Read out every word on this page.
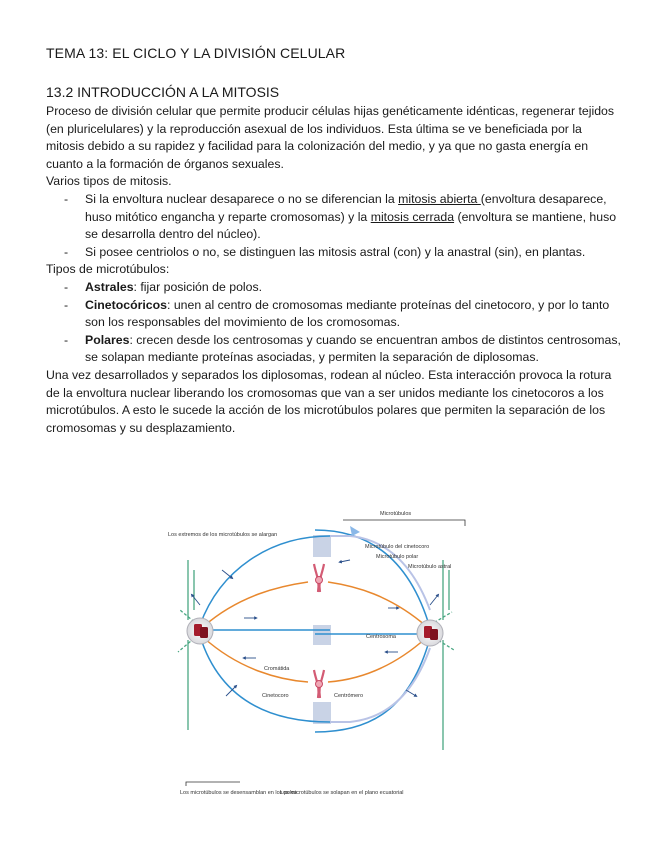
TEMA 13: EL CICLO Y LA DIVISIÓN CELULAR
13.2 INTRODUCCIÓN A LA MITOSIS

Proceso de división celular que permite producir células hijas genéticamente idénticas, regenerar tejidos (en pluricelulares) y la reproducción asexual de los individuos. Esta última se ve beneficiada por la mitosis debido a su rapidez y facilidad para la colonización del medio, y ya que no gasta energía en cuanto a la formación de órganos sexuales.

Varios tipos de mitosis.

- Si la envoltura nuclear desaparece o no se diferencian la mitosis abierta (envoltura desaparece, huso mitótico engancha y reparte cromosomas) y la mitosis cerrada (envoltura se mantiene, huso se desarrolla dentro del núcleo).
- Si posee centriolos o no, se distinguen las mitosis astral (con) y la anastral (sin), en plantas.

Tipos de microtúbulos:

- Astrales: fijar posición de polos.
- Cinetocóricos: unen al centro de cromosomas mediante proteínas del cinetocoro, y por lo tanto son los responsables del movimiento de los cromosomas.
- Polares: crecen desde los centrosomas y cuando se encuentran ambos de distintos centrosomas, se solapan mediante proteínas asociadas, y permiten la separación de diplosomas.

Una vez desarrollados y separados los diplosomas, rodean al núcleo. Esta interacción provoca la rotura de la envoltura nuclear liberando los cromosomas que van a ser unidos mediante los cinetocoros a los microtúbulos. A esto le sucede la acción de los microtúbulos polares que permiten la separación de los cromosomas y su desplazamiento.

Microtúbulos
Los extremos de los microtúbulos se alargan
Microtúbulo del cinetocoro
Microtúbulo polar
Microtúbulo astral
Centrosoma
Cromátida
Cinetocoro	Centrómero
Los microtúbulos se desensamblan en los polos
Los microtúbulos se solapan en el plano ecuatorial
